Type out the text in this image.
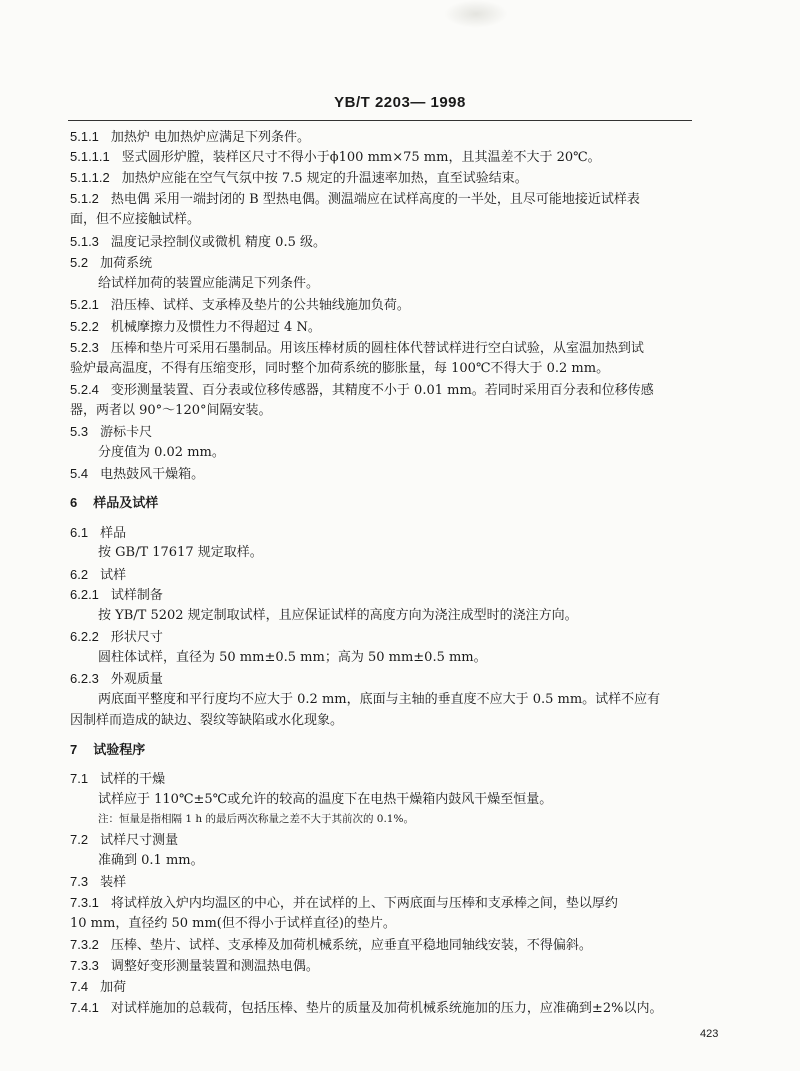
YB/T 2203— 1998
5.1.1 加热炉 电加热炉应满足下列条件。
5.1.1.1 竖式圆形炉膛，装样区尺寸不得小于ϕ100 mm×75 mm，且其温差不大于 20℃。
5.1.1.2 加热炉应能在空气气氛中按 7.5 规定的升温速率加热，直至试验结束。
5.1.2 热电偶 采用一端封闭的 B 型热电偶。测温端应在试样高度的一半处，且尽可能地接近试样表
面，但不应接触试样。
5.1.3 温度记录控制仪或微机 精度 0.5 级。
5.2 加荷系统
给试样加荷的装置应能满足下列条件。
5.2.1 沿压棒、试样、支承棒及垫片的公共轴线施加负荷。
5.2.2 机械摩擦力及惯性力不得超过 4 N。
5.2.3 压棒和垫片可采用石墨制品。用该压棒材质的圆柱体代替试样进行空白试验，从室温加热到试
验炉最高温度，不得有压缩变形，同时整个加荷系统的膨胀量，每 100℃不得大于 0.2 mm。
5.2.4 变形测量装置、百分表或位移传感器，其精度不小于 0.01 mm。若同时采用百分表和位移传感
器，两者以 90°～120°间隔安装。
5.3 游标卡尺
分度值为 0.02 mm。
5.4 电热鼓风干燥箱。
6 样品及试样
6.1 样品
按 GB/T 17617 规定取样。
6.2 试样
6.2.1 试样制备
按 YB/T 5202 规定制取试样，且应保证试样的高度方向为浇注成型时的浇注方向。
6.2.2 形状尺寸
圆柱体试样，直径为 50 mm±0.5 mm；高为 50 mm±0.5 mm。
6.2.3 外观质量
两底面平整度和平行度均不应大于 0.2 mm，底面与主轴的垂直度不应大于 0.5 mm。试样不应有
因制样而造成的缺边、裂纹等缺陷或水化现象。
7 试验程序
7.1 试样的干燥
试样应于 110℃±5℃或允许的较高的温度下在电热干燥箱内鼓风干燥至恒量。
注：恒量是指相隔 1 h 的最后两次称量之差不大于其前次的 0.1%。
7.2 试样尺寸测量
准确到 0.1 mm。
7.3 装样
7.3.1 将试样放入炉内均温区的中心，并在试样的上、下两底面与压棒和支承棒之间，垫以厚约
10 mm，直径约 50 mm(但不得小于试样直径)的垫片。
7.3.2 压棒、垫片、试样、支承棒及加荷机械系统，应垂直平稳地同轴线安装，不得偏斜。
7.3.3 调整好变形测量装置和测温热电偶。
7.4 加荷
7.4.1 对试样施加的总载荷，包括压棒、垫片的质量及加荷机械系统施加的压力，应准确到±2%以内。
423
